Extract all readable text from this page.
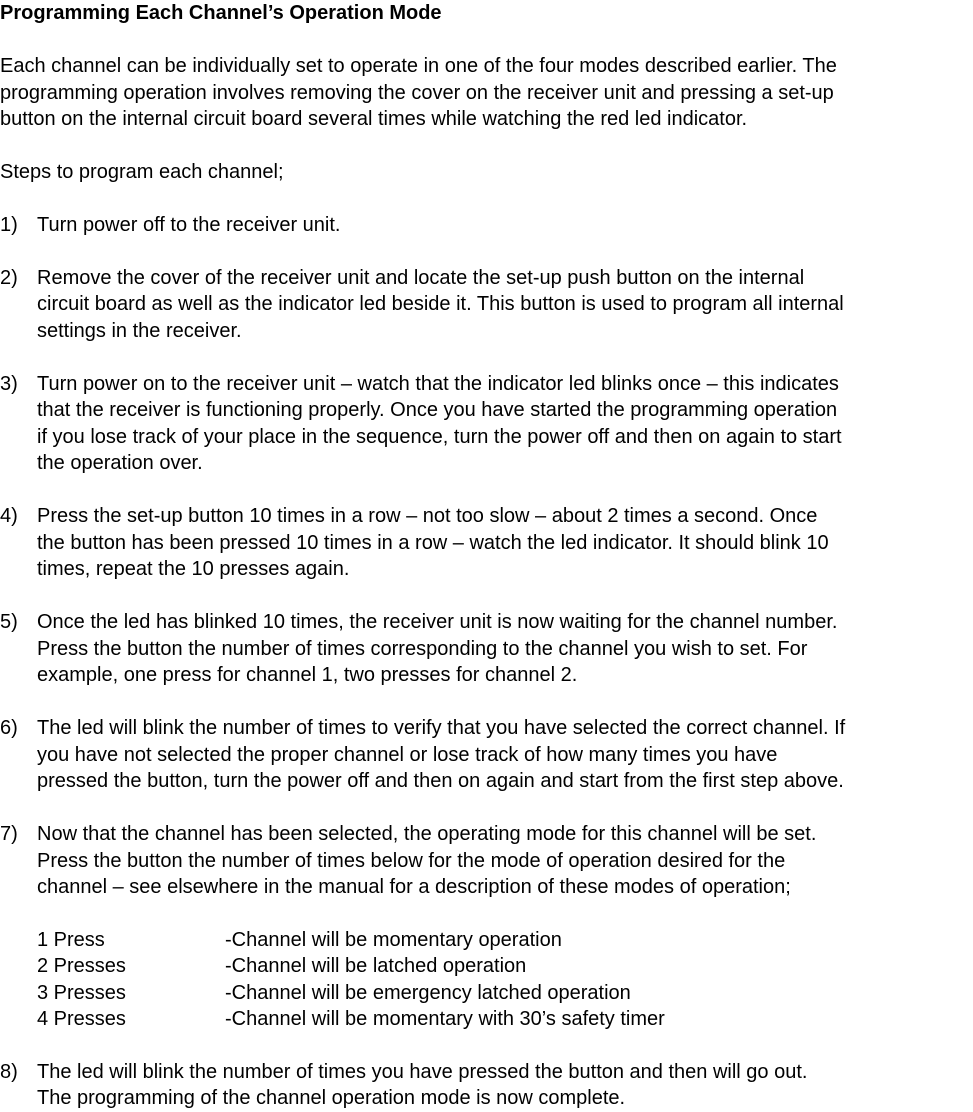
Programming Each Channel’s Operation Mode

Each channel can be individually set to operate in one of the four modes described earlier. The

programming operation involves removing the cover on the receiver unit and pressing a set-up

button on the internal circuit board several times while watching the red led indicator.

Steps to program each channel;

1) Turn power off to the receiver unit.

2) Remove the cover of the receiver unit and locate the set-up push button on the internal

circuit board as well as the indicator led beside it. This button is used to program all internal

settings in the receiver.

3) Turn power on to the receiver unit – watch that the indicator led blinks once – this indicates

that the receiver is functioning properly. Once you have started the programming operation

if you lose track of your place in the sequence, turn the power off and then on again to start

the operation over.

4) Press the set-up button 10 times in a row – not too slow – about 2 times a second. Once

the button has been pressed 10 times in a row – watch the led indicator. It should blink 10

times, repeat the 10 presses again.

5) Once the led has blinked 10 times, the receiver unit is now waiting for the channel number.

Press the button the number of times corresponding to the channel you wish to set. For

example, one press for channel 1, two presses for channel 2.

6) The led will blink the number of times to verify that you have selected the correct channel. If

you have not selected the proper channel or lose track of how many times you have

pressed the button, turn the power off and then on again and start from the first step above.

7) Now that the channel has been selected, the operating mode for this channel will be set.

Press the button the number of times below for the mode of operation desired for the

channel – see elsewhere in the manual for a description of these modes of operation;

1 Press	-Channel will be momentary operation
2 Presses	-Channel will be latched operation
3 Presses	-Channel will be emergency latched operation
4 Presses	-Channel will be momentary with 30’s safety timer
8) The led will blink the number of times you have pressed the button and then will go out.

The programming of the channel operation mode is now complete.
